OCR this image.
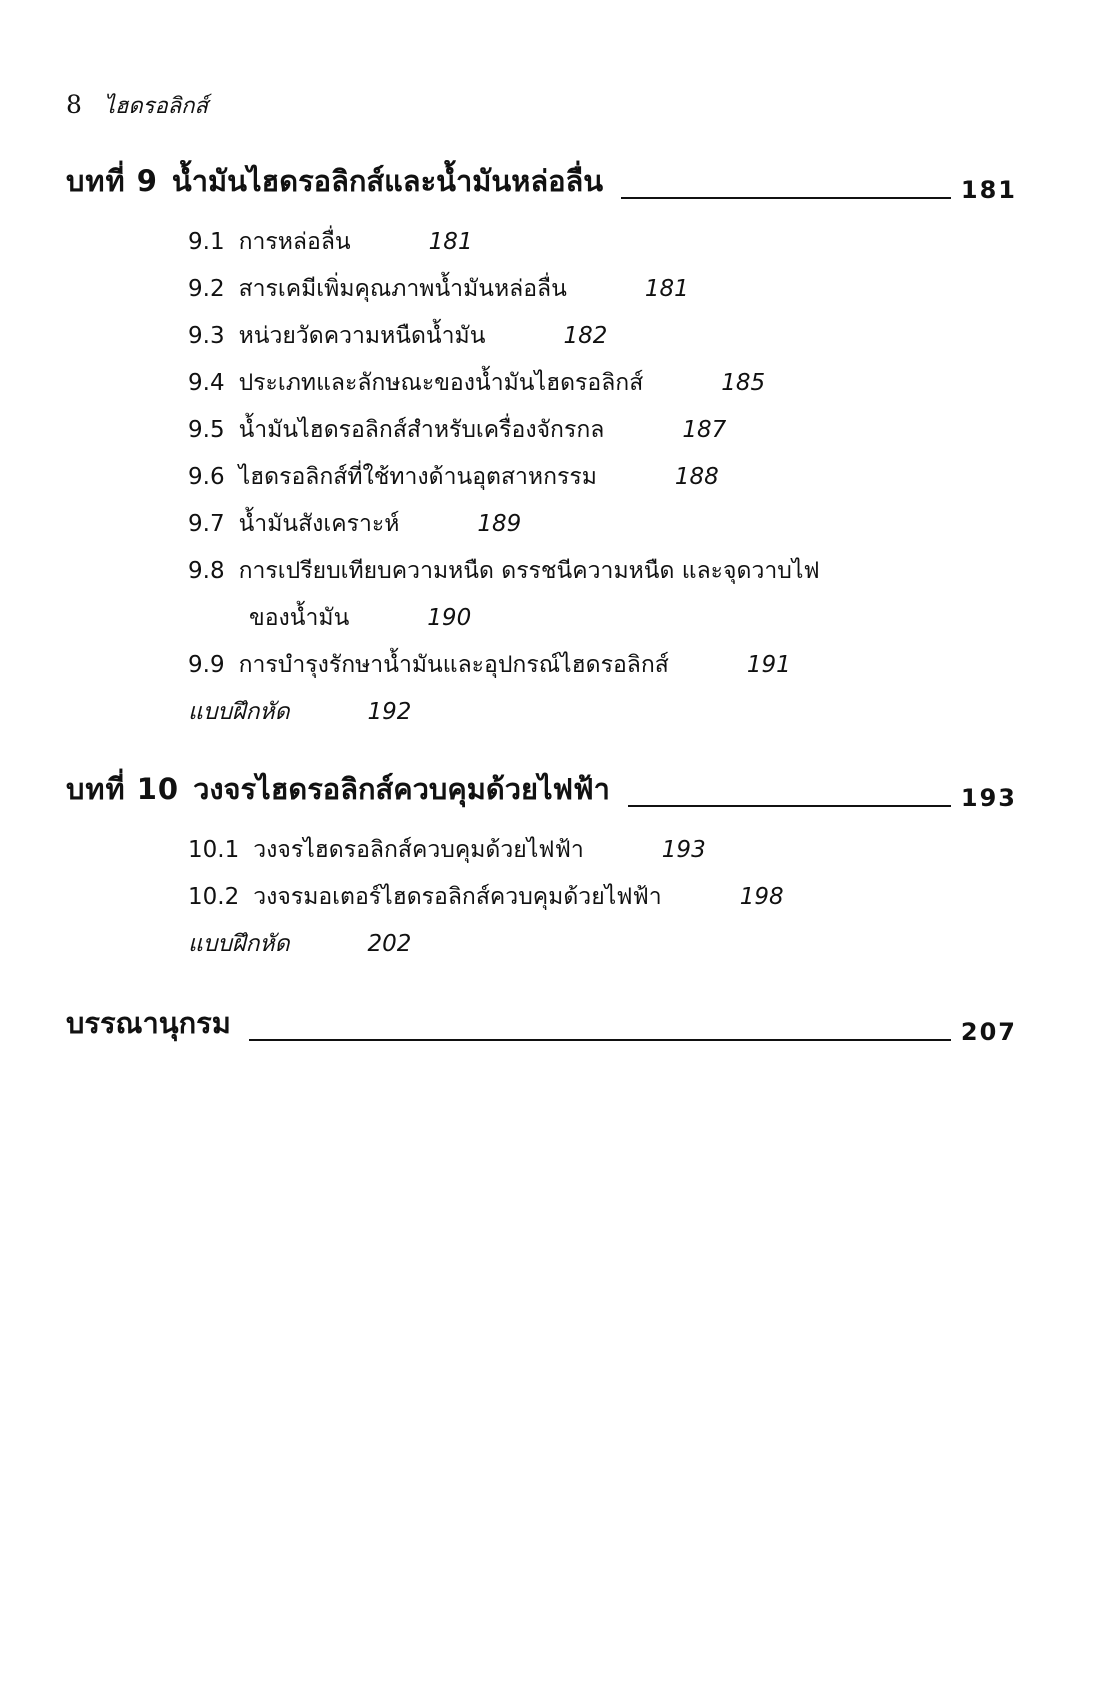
8 ไฮดรอลิกส์
บทที่ 9 น้ำมันไฮดรอลิกส์และน้ำมันหล่อลื่น	181
9.1 การหล่อลื่น	181
9.2 สารเคมีเพิ่มคุณภาพน้ำมันหล่อลื่น	181
9.3 หน่วยวัดความหนืดน้ำมัน	182
9.4 ประเภทและลักษณะของน้ำมันไฮดรอลิกส์	185
9.5 น้ำมันไฮดรอลิกส์สำหรับเครื่องจักรกล	187
9.6 ไฮดรอลิกส์ที่ใช้ทางด้านอุตสาหกรรม	188
9.7 น้ำมันสังเคราะห์	189
9.8 การเปรียบเทียบความหนืด ดรรชนีความหนืด และจุดวาบไฟ
ของน้ำมัน	190
9.9 การบำรุงรักษาน้ำมันและอุปกรณ์ไฮดรอลิกส์	191
แบบฝึกหัด	192
บทที่ 10 วงจรไฮดรอลิกส์ควบคุมด้วยไฟฟ้า	193
10.1 วงจรไฮดรอลิกส์ควบคุมด้วยไฟฟ้า	193
10.2 วงจรมอเตอร์ไฮดรอลิกส์ควบคุมด้วยไฟฟ้า	198
แบบฝึกหัด	202
บรรณานุกรม	207
